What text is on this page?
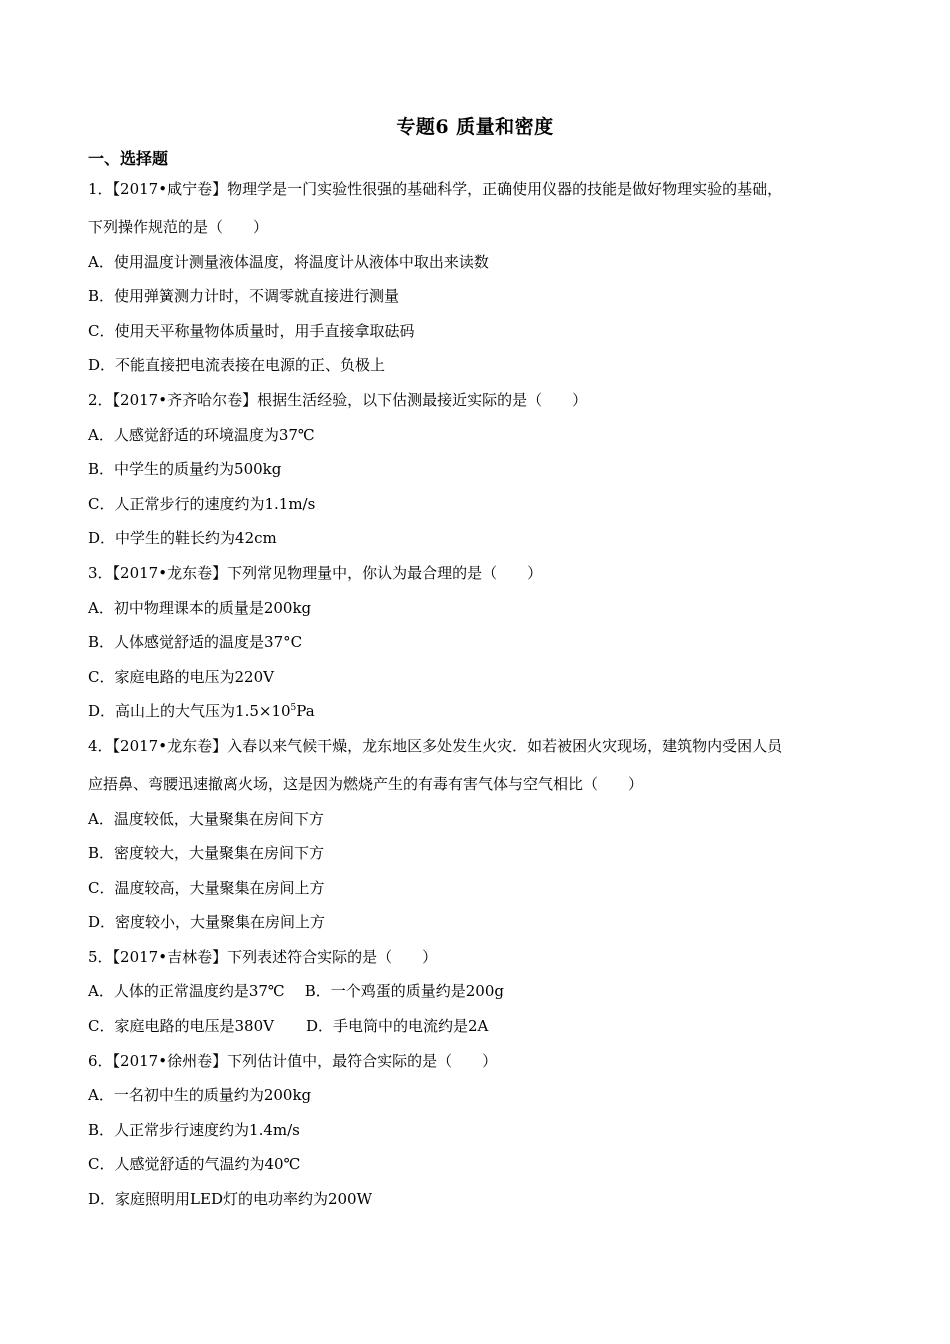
专题6 质量和密度
一、选择题
1．【2017•咸宁卷】物理学是一门实验性很强的基础科学，正确使用仪器的技能是做好物理实验的基础，
下列操作规范的是（　　）
A．使用温度计测量液体温度，将温度计从液体中取出来读数
B．使用弹簧测力计时，不调零就直接进行测量
C．使用天平称量物体质量时，用手直接拿取砝码
D．不能直接把电流表接在电源的正、负极上
2．【2017•齐齐哈尔卷】根据生活经验，以下估测最接近实际的是（　　）
A．人感觉舒适的环境温度为37℃
B．中学生的质量约为500kg
C．人正常步行的速度约为1.1m/s
D．中学生的鞋长约为42cm
3．【2017•龙东卷】下列常见物理量中，你认为最合理的是（　　）
A．初中物理课本的质量是200kg
B．人体感觉舒适的温度是37°C
C．家庭电路的电压为220V
D．高山上的大气压为$1.5\times 10^5Pa$
4．【2017•龙东卷】入春以来气候干燥，龙东地区多处发生火灾．如若被困火灾现场，建筑物内受困人员
应捂鼻、弯腰迅速撤离火场，这是因为燃烧产生的有毒有害气体与空气相比（　　）
A．温度较低，大量聚集在房间下方
B．密度较大，大量聚集在房间下方
C．温度较高，大量聚集在房间上方
D．密度较小，大量聚集在房间上方
5．【2017•吉林卷】下列表述符合实际的是（　　）
A．人体的正常温度约是37℃ B．一个鸡蛋的质量约是200g
C．家庭电路的电压是380V D．手电筒中的电流约是2A
6．【2017•徐州卷】下列估计值中，最符合实际的是（　　）
A．一名初中生的质量约为200kg
B．人正常步行速度约为1.4m/s
C．人感觉舒适的气温约为40℃
D．家庭照明用LED灯的电功率约为200W
